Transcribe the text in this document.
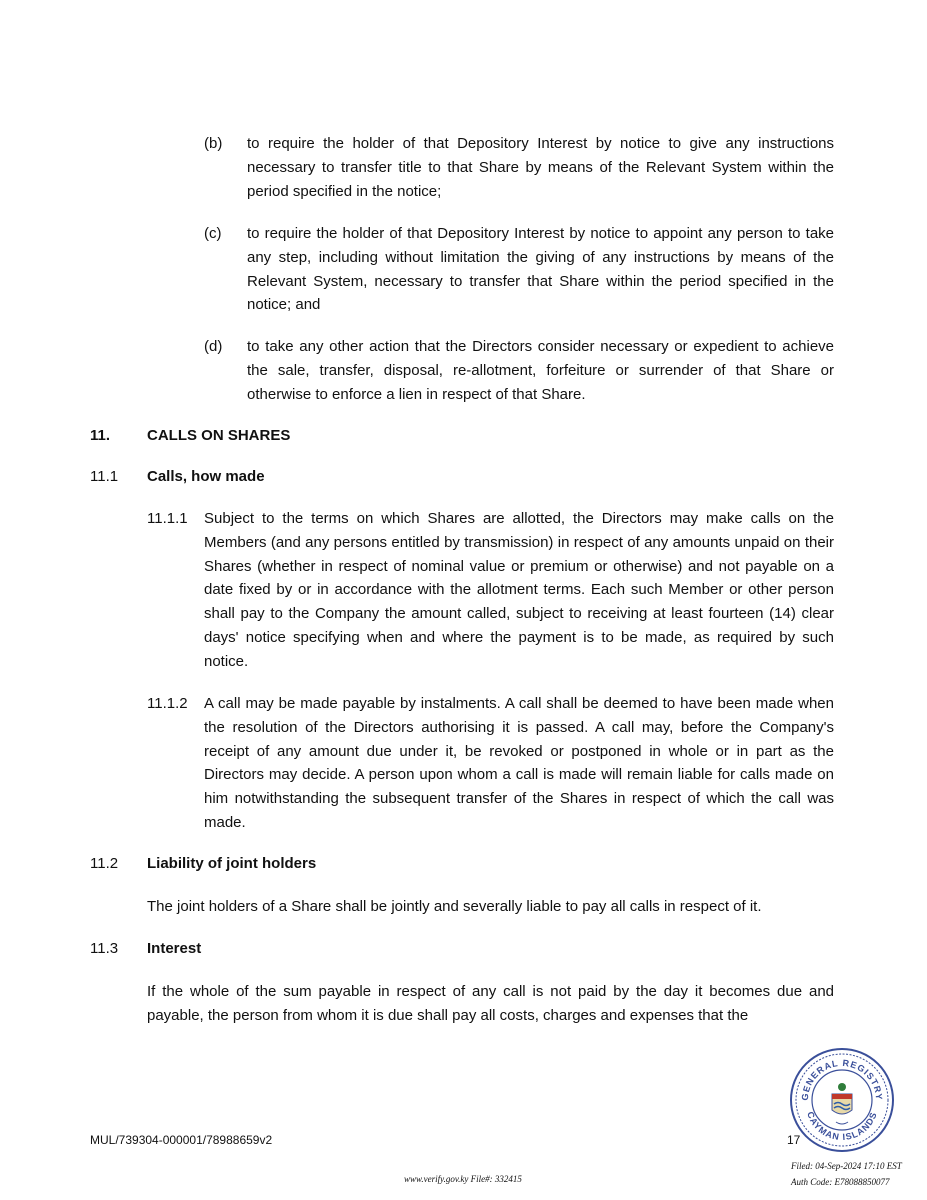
(b) to require the holder of that Depository Interest by notice to give any instructions necessary to transfer title to that Share by means of the Relevant System within the period specified in the notice;
(c) to require the holder of that Depository Interest by notice to appoint any person to take any step, including without limitation the giving of any instructions by means of the Relevant System, necessary to transfer that Share within the period specified in the notice; and
(d) to take any other action that the Directors consider necessary or expedient to achieve the sale, transfer, disposal, re-allotment, forfeiture or surrender of that Share or otherwise to enforce a lien in respect of that Share.
11. CALLS ON SHARES
11.1 Calls, how made
11.1.1 Subject to the terms on which Shares are allotted, the Directors may make calls on the Members (and any persons entitled by transmission) in respect of any amounts unpaid on their Shares (whether in respect of nominal value or premium or otherwise) and not payable on a date fixed by or in accordance with the allotment terms. Each such Member or other person shall pay to the Company the amount called, subject to receiving at least fourteen (14) clear days' notice specifying when and where the payment is to be made, as required by such notice.
11.1.2 A call may be made payable by instalments. A call shall be deemed to have been made when the resolution of the Directors authorising it is passed. A call may, before the Company's receipt of any amount due under it, be revoked or postponed in whole or in part as the Directors may decide. A person upon whom a call is made will remain liable for calls made on him notwithstanding the subsequent transfer of the Shares in respect of which the call was made.
11.2 Liability of joint holders
The joint holders of a Share shall be jointly and severally liable to pay all calls in respect of it.
11.3 Interest
If the whole of the sum payable in respect of any call is not paid by the day it becomes due and payable, the person from whom it is due shall pay all costs, charges and expenses that the
GENERAL REGISTRY
CAYMAN ISLANDS
MUL/739304-000001/78988659v2	17
www.verify.gov.ky File#: 332415
Filed: 04-Sep-2024 17:10 EST
Auth Code: E78088850077
